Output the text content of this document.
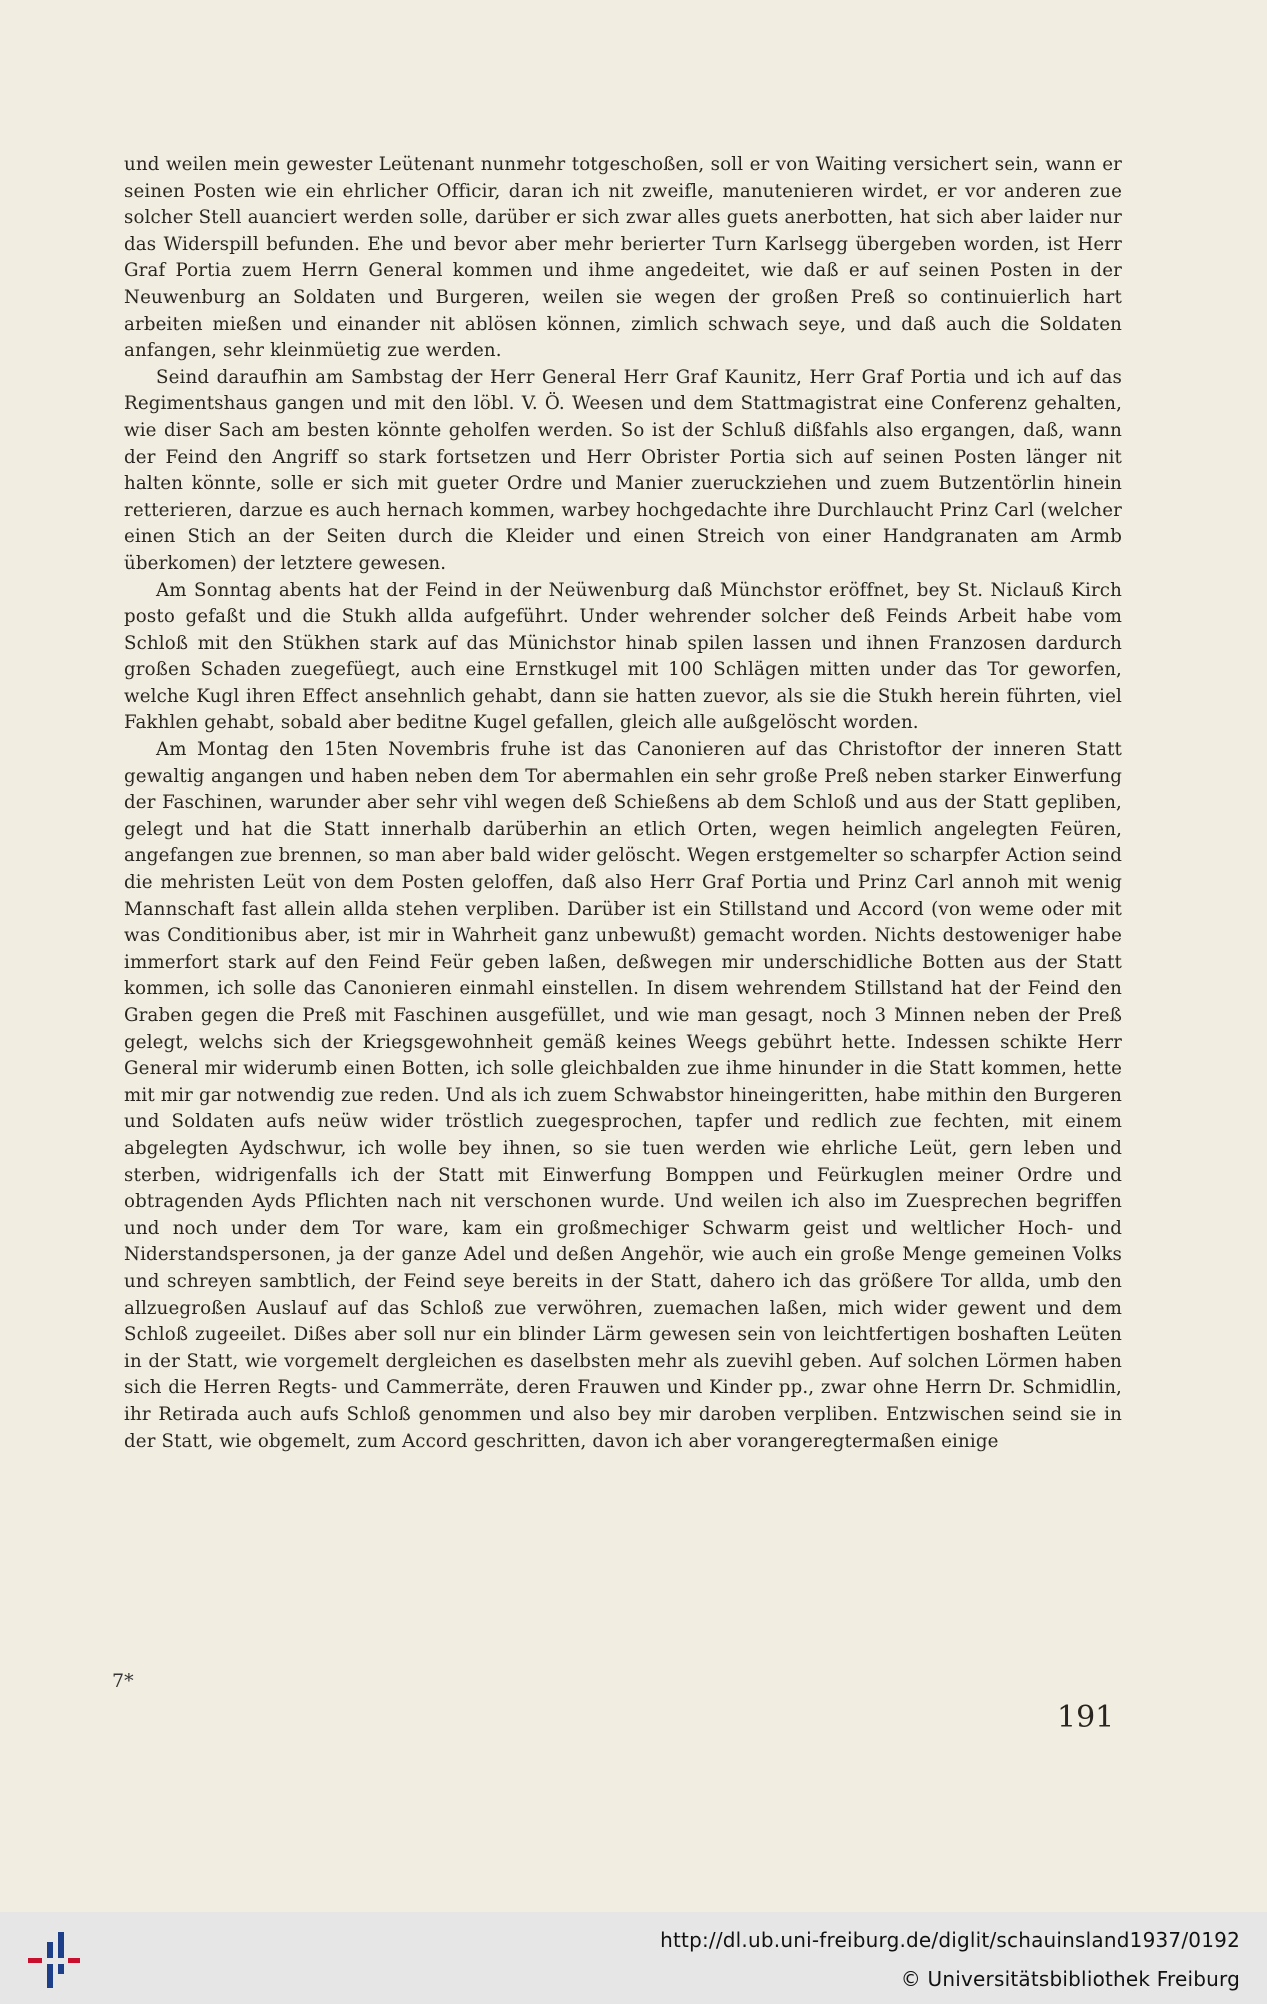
und weilen mein gewester Leütenant nunmehr totgeschoßen, soll er von Waiting versichert sein, wann er seinen Posten wie ein ehrlicher Officir, daran ich nit zweifle, manutenieren wirdet, er vor anderen zue solcher Stell auanciert werden solle, darüber er sich zwar alles guets anerbotten, hat sich aber laider nur das Widerspill befunden. Ehe und bevor aber mehr berierter Turn Karlsegg übergeben worden, ist Herr Graf Portia zuem Herrn General kommen und ihme angedeitet, wie daß er auf seinen Posten in der Neuwenburg an Soldaten und Burgeren, weilen sie wegen der großen Preß so continuierlich hart arbeiten mießen und einander nit ablösen können, zimlich schwach seye, und daß auch die Soldaten anfangen, sehr kleinmüetig zue werden.

Seind daraufhin am Sambstag der Herr General Herr Graf Kaunitz, Herr Graf Portia und ich auf das Regimentshaus gangen und mit den löbl. V. Ö. Weesen und dem Stattmagistrat eine Conferenz gehalten, wie diser Sach am besten könnte geholfen werden. So ist der Schluß dißfahls also ergangen, daß, wann der Feind den Angriff so stark fortsetzen und Herr Obrister Portia sich auf seinen Posten länger nit halten könnte, solle er sich mit gueter Ordre und Manier zueruckziehen und zuem Butzentörlin hinein retterieren, darzue es auch hernach kommen, warbey hochgedachte ihre Durchlaucht Prinz Carl (welcher einen Stich an der Seiten durch die Kleider und einen Streich von einer Handgranaten am Armb überkomen) der letztere gewesen.

Am Sonntag abents hat der Feind in der Neüwenburg daß Münchstor eröffnet, bey St. Niclauß Kirch posto gefaßt und die Stukh allda aufgeführt. Under wehrender solcher deß Feinds Arbeit habe vom Schloß mit den Stükhen stark auf das Münichstor hinab spilen lassen und ihnen Franzosen dardurch großen Schaden zuegefüegt, auch eine Ernstkugel mit 100 Schlägen mitten under das Tor geworfen, welche Kugl ihren Effect ansehnlich gehabt, dann sie hatten zuevor, als sie die Stukh herein führten, viel Fakhlen gehabt, sobald aber beditne Kugel gefallen, gleich alle außgelöscht worden.

Am Montag den 15ten Novembris fruhe ist das Canonieren auf das Christoftor der inneren Statt gewaltig angangen und haben neben dem Tor abermahlen ein sehr große Preß neben starker Einwerfung der Faschinen, warunder aber sehr vihl wegen deß Schießens ab dem Schloß und aus der Statt gepliben, gelegt und hat die Statt innerhalb darüberhin an etlich Orten, wegen heimlich angelegten Feüren, angefangen zue brennen, so man aber bald wider gelöscht. Wegen erstgemelter so scharpfer Action seind die mehristen Leüt von dem Posten geloffen, daß also Herr Graf Portia und Prinz Carl annoh mit wenig Mannschaft fast allein allda stehen verpliben. Darüber ist ein Stillstand und Accord (von weme oder mit was Conditionibus aber, ist mir in Wahrheit ganz unbewußt) gemacht worden. Nichts destoweniger habe immerfort stark auf den Feind Feür geben laßen, deßwegen mir underschidliche Botten aus der Statt kommen, ich solle das Canonieren einmahl einstellen. In disem wehrendem Stillstand hat der Feind den Graben gegen die Preß mit Faschinen ausgefüllet, und wie man gesagt, noch 3 Minnen neben der Preß gelegt, welchs sich der Kriegsgewohnheit gemäß keines Weegs gebührt hette. Indessen schikte Herr General mir widerumb einen Botten, ich solle gleichbalden zue ihme hinunder in die Statt kommen, hette mit mir gar notwendig zue reden. Und als ich zuem Schwabstor hineingeritten, habe mithin den Burgeren und Soldaten aufs neüw wider tröstlich zuegesprochen, tapfer und redlich zue fechten, mit einem abgelegten Aydschwur, ich wolle bey ihnen, so sie tuen werden wie ehrliche Leüt, gern leben und sterben, widrigenfalls ich der Statt mit Einwerfung Bomppen und Feürkuglen meiner Ordre und obtragenden Ayds Pflichten nach nit verschonen wurde. Und weilen ich also im Zuesprechen begriffen und noch under dem Tor ware, kam ein großmechiger Schwarm geist und weltlicher Hoch- und Niderstandspersonen, ja der ganze Adel und deßen Angehör, wie auch ein große Menge gemeinen Volks und schreyen sambtlich, der Feind seye bereits in der Statt, dahero ich das größere Tor allda, umb den allzuegroßen Auslauf auf das Schloß zue verwöhren, zuemachen laßen, mich wider gewent und dem Schloß zugeeilet. Dißes aber soll nur ein blinder Lärm gewesen sein von leichtfertigen boshaften Leüten in der Statt, wie vorgemelt dergleichen es daselbsten mehr als zuevihl geben. Auf solchen Lörmen haben sich die Herren Regts- und Cammerräte, deren Frauwen und Kinder pp., zwar ohne Herrn Dr. Schmidlin, ihr Retirada auch aufs Schloß genommen und also bey mir daroben verpliben. Entzwischen seind sie in der Statt, wie obgemelt, zum Accord geschritten, davon ich aber vorangeregtermaßen einige

7*
191
http://dl.ub.uni-freiburg.de/diglit/schauinsland1937/0192
© Universitätsbibliothek Freiburg
